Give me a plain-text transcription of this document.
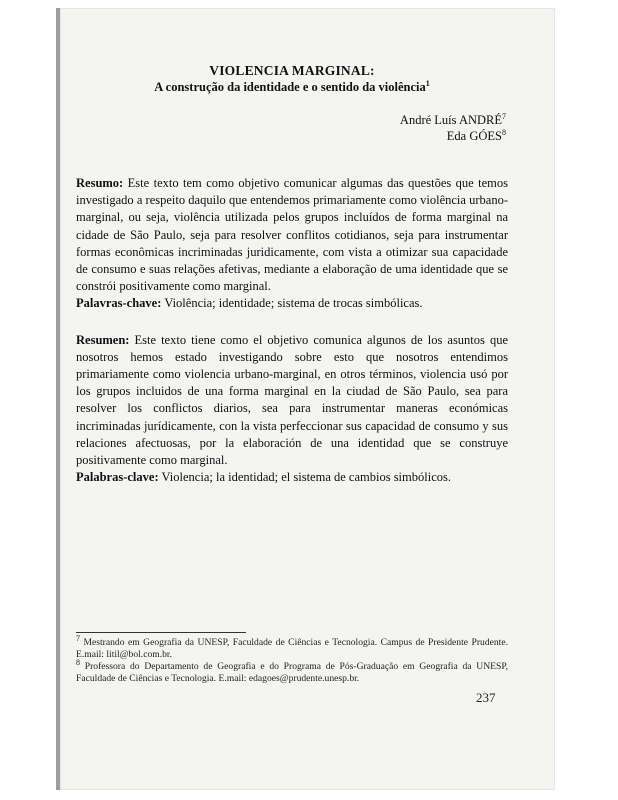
VIOLENCIA MARGINAL:

A construção da identidade e o sentido da violência$^1$

André Luís ANDRÉ$^7$
Eda GÓES$^8$

Resumo: Este texto tem como objetivo comunicar algumas das questões que temos investigado a respeito daquilo que entendemos primariamente como violência urbano-marginal, ou seja, violência utilizada pelos grupos incluídos de forma marginal na cidade de São Paulo, seja para resolver conflitos cotidianos, seja para instrumentar formas econômicas incriminadas juridicamente, com vista a otimizar sua capacidade de consumo e suas relações afetivas, mediante a elaboração de uma identidade que se constrói positivamente como marginal.

Palavras-chave: Violência; identidade; sistema de trocas simbólicas.

Resumen: Este texto tiene como el objetivo comunica algunos de los asuntos que nosotros hemos estado investigando sobre esto que nosotros entendimos primariamente como violencia urbano-marginal, en otros términos, violencia usó por los grupos incluidos de una forma marginal en la ciudad de São Paulo, sea para resolver los conflictos diarios, sea para instrumentar maneras económicas incriminadas jurídicamente, con la vista perfeccionar sus capacidad de consumo y sus relaciones afectuosas, por la elaboración de una identidad que se construye positivamente como marginal.

Palabras-clave: Violencia; la identidad; el sistema de cambios simbólicos.

$^7$ Mestrando em Geografia da UNESP, Faculdade de Ciências e Tecnologia. Campus de Presidente Prudente. E.mail: litil@bol.com.br.

$^8$ Professora do Departamento de Geografia e do Programa de Pós-Graduação em Geografia da UNESP, Faculdade de Ciências e Tecnologia. E.mail: edagoes@prudente.unesp.br.

237
